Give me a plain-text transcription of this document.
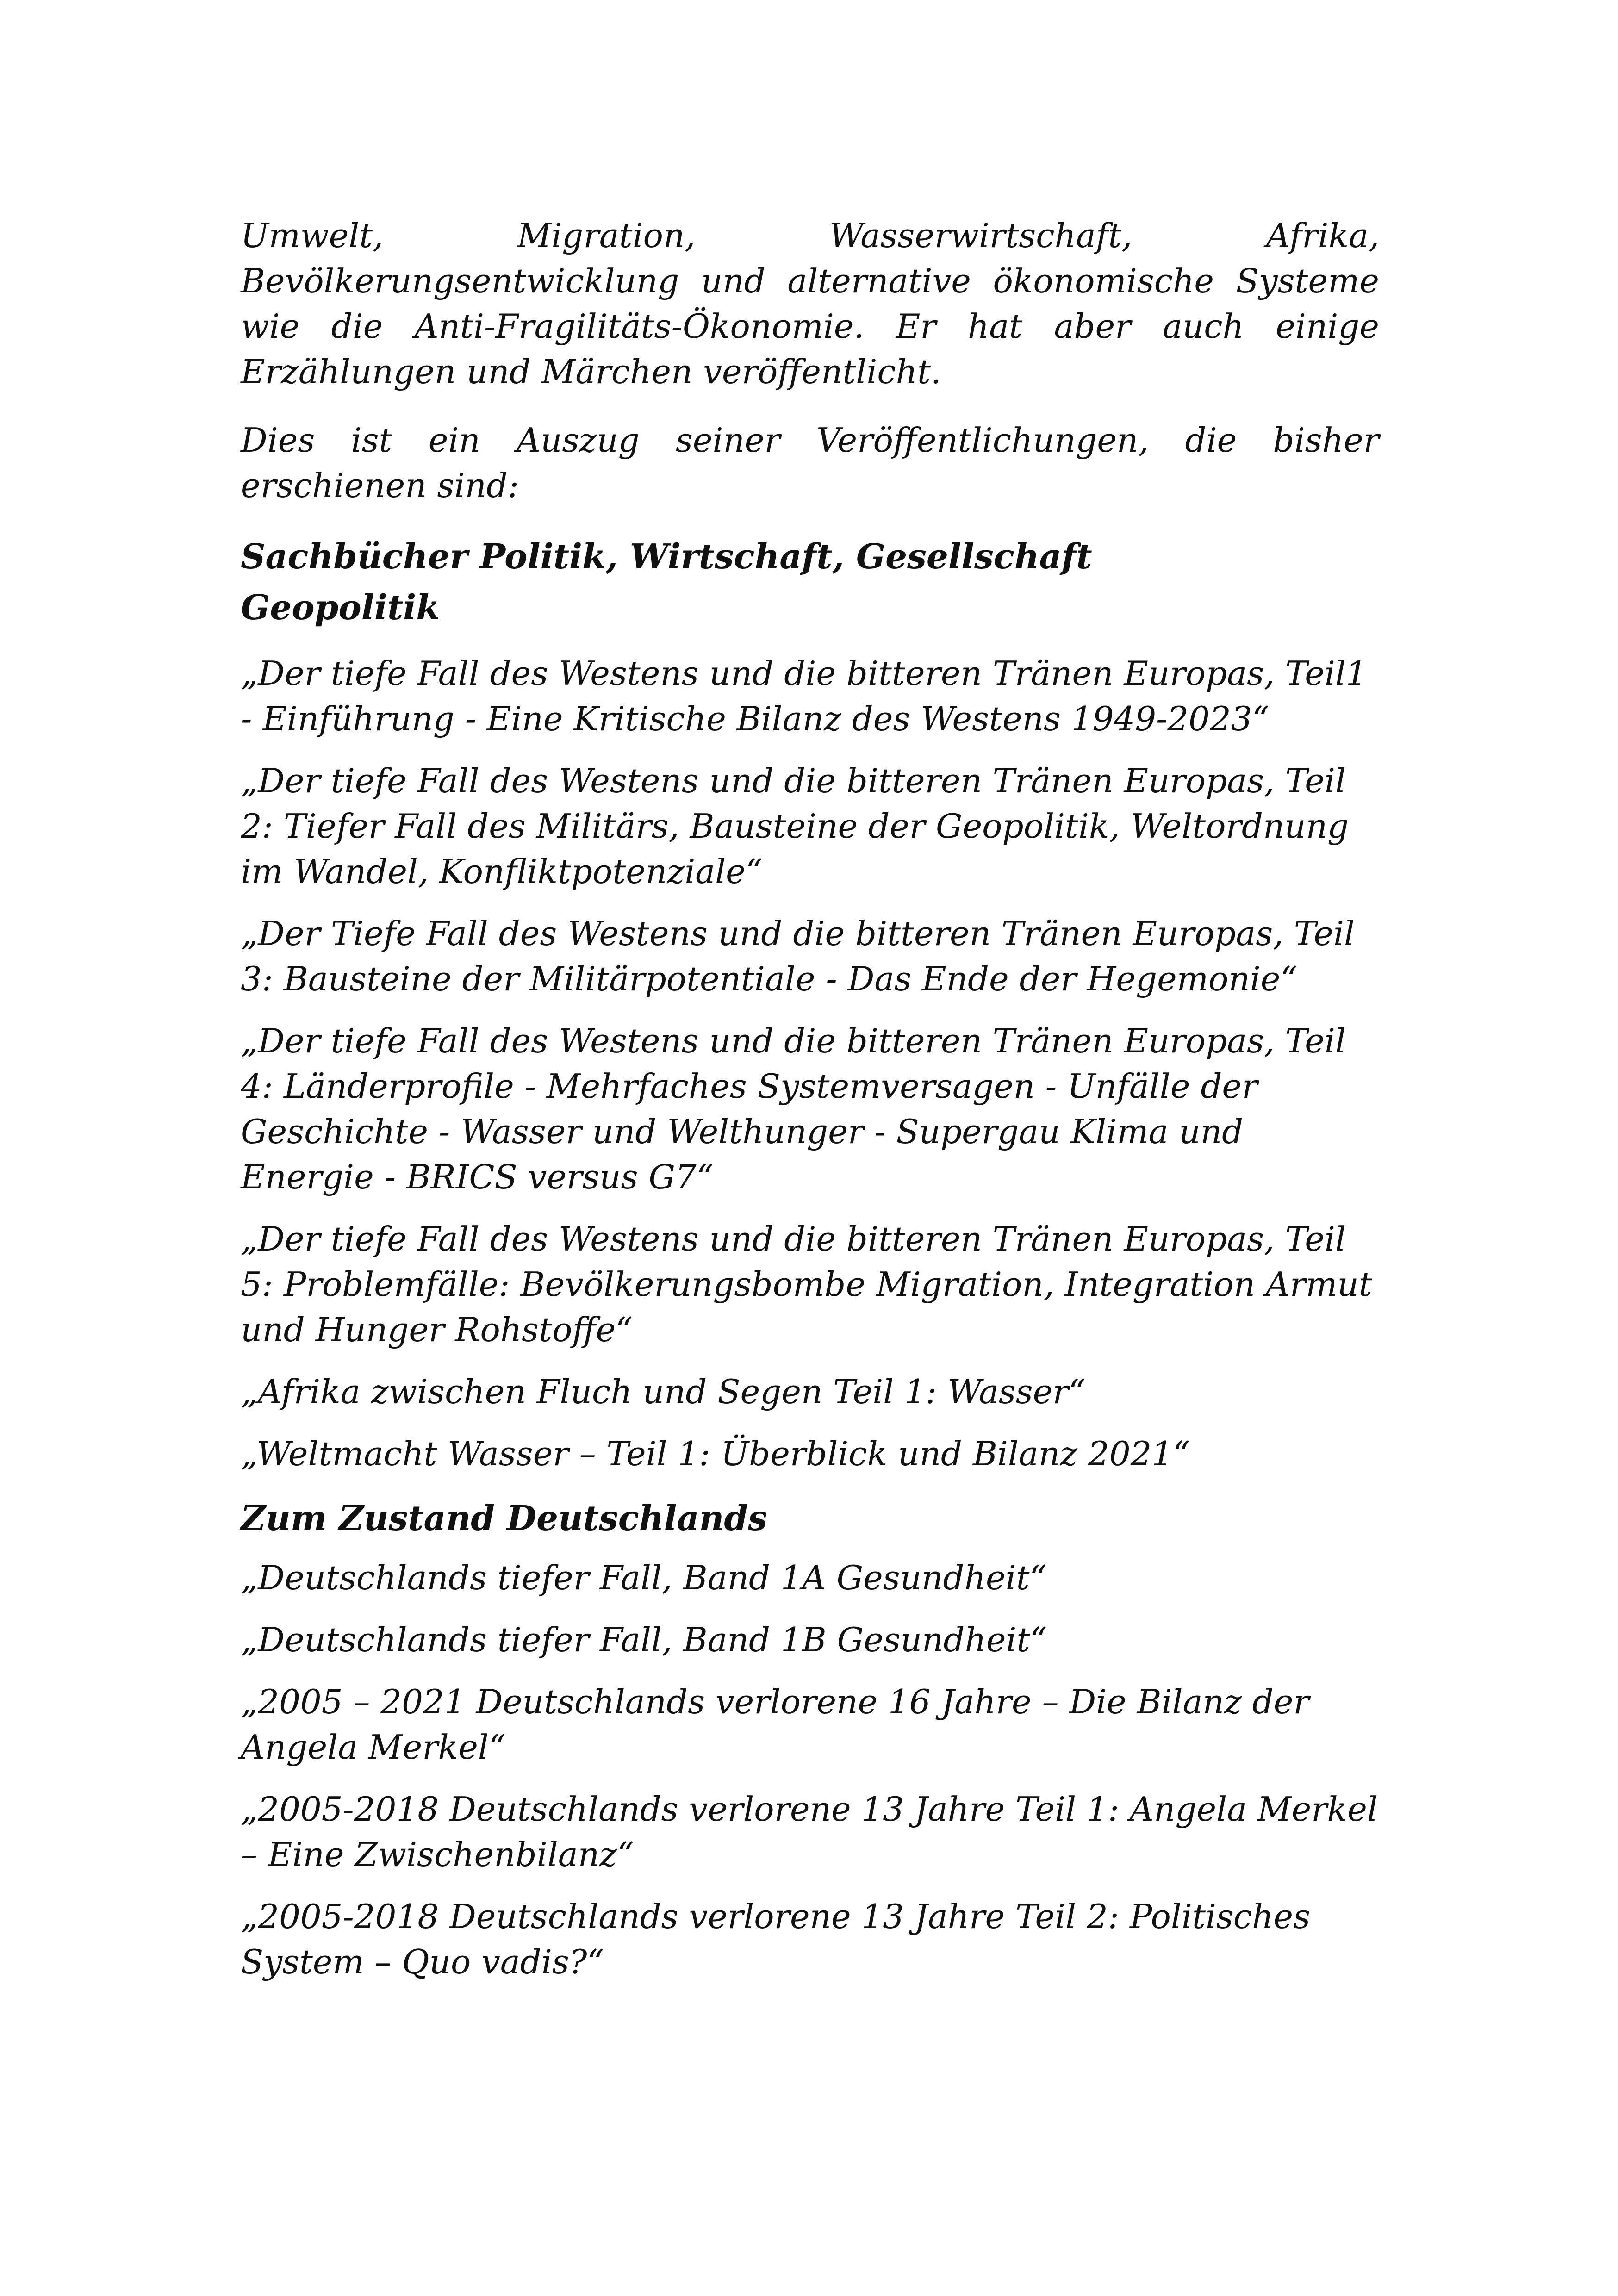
Umwelt, Migration, Wasserwirtschaft, Afrika, Bevölkerungsentwicklung und alternative ökonomische Systeme wie die Anti-Fragilitäts-Ökonomie. Er hat aber auch einige Erzählungen und Märchen veröffentlicht.

Dies ist ein Auszug seiner Veröffentlichungen, die bisher erschienen sind:

Sachbücher Politik, Wirtschaft, Gesellschaft

Geopolitik

„Der tiefe Fall des Westens und die bitteren Tränen Europas, Teil1 - Einführung - Eine Kritische Bilanz des Westens 1949-2023“

„Der tiefe Fall des Westens und die bitteren Tränen Europas, Teil 2: Tiefer Fall des Militärs, Bausteine der Geopolitik, Weltordnung im Wandel, Konfliktpotenziale“

„Der Tiefe Fall des Westens und die bitteren Tränen Europas, Teil 3: Bausteine der Militärpotentiale - Das Ende der Hegemonie“

„Der tiefe Fall des Westens und die bitteren Tränen Europas, Teil 4: Länderprofile - Mehrfaches Systemversagen - Unfälle der Geschichte - Wasser und Welthunger - Supergau Klima und Energie - BRICS versus G7“

„Der tiefe Fall des Westens und die bitteren Tränen Europas, Teil 5: Problemfälle: Bevölkerungsbombe Migration, Integration Armut und Hunger Rohstoffe“

„Afrika zwischen Fluch und Segen Teil 1: Wasser“

„Weltmacht Wasser – Teil 1: Überblick und Bilanz 2021“

Zum Zustand Deutschlands

„Deutschlands tiefer Fall, Band 1A Gesundheit“

„Deutschlands tiefer Fall, Band 1B Gesundheit“

„2005 – 2021 Deutschlands verlorene 16 Jahre – Die Bilanz der Angela Merkel“

„2005-2018 Deutschlands verlorene 13 Jahre Teil 1: Angela Merkel – Eine Zwischenbilanz“

„2005-2018 Deutschlands verlorene 13 Jahre Teil 2: Politisches System – Quo vadis?“
